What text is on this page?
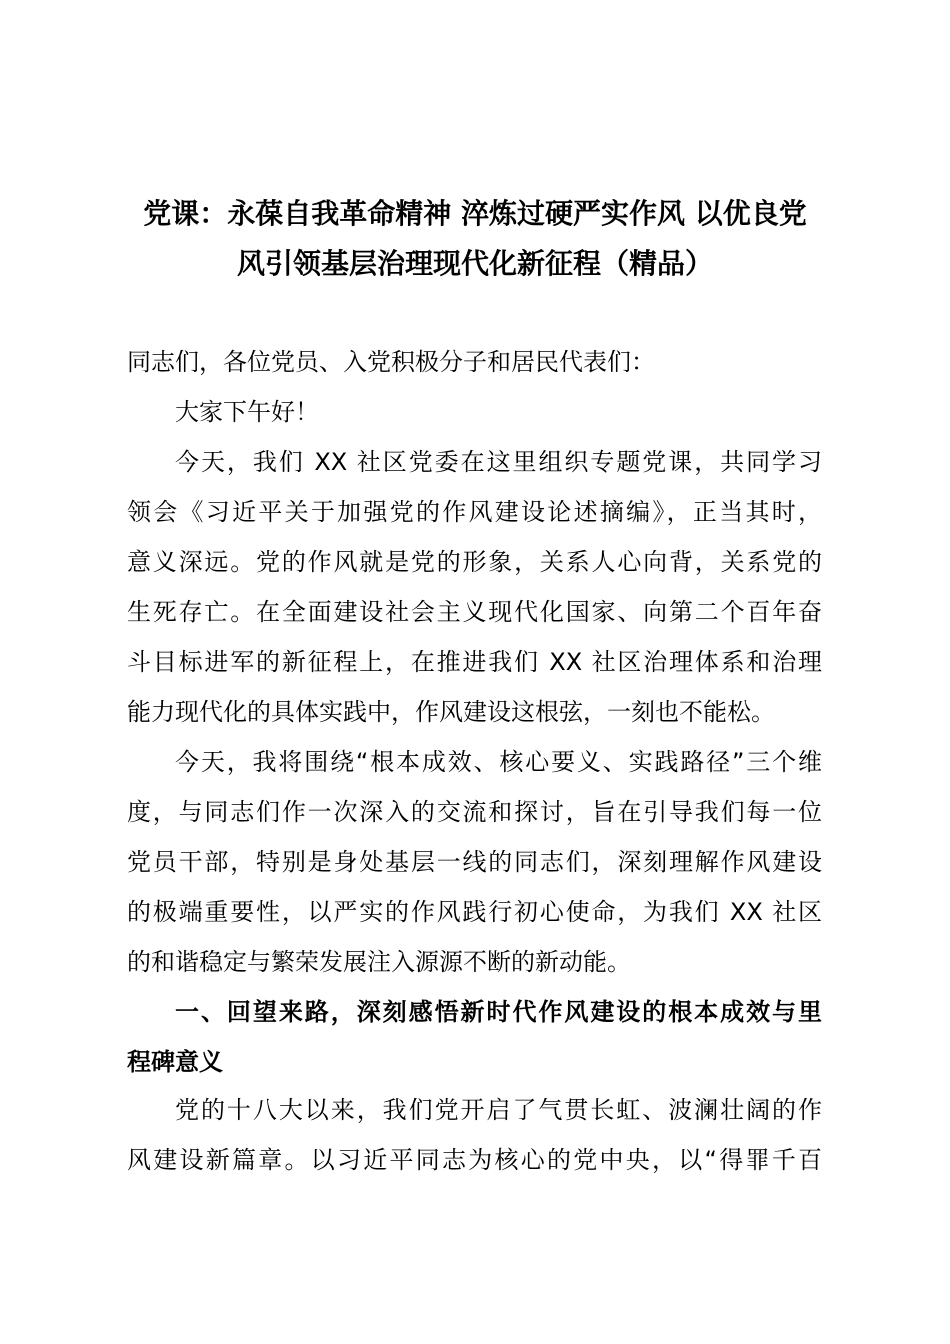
党课：永葆自我革命精神 淬炼过硬严实作风 以优良党
风引领基层治理现代化新征程（精品）
同志们，各位党员、入党积极分子和居民代表们：
大家下午好！
今天，我们 XX 社区党委在这里组织专题党课，共同学习
领会《习近平关于加强党的作风建设论述摘编》，正当其时，
意义深远。党的作风就是党的形象，关系人心向背，关系党的
生死存亡。在全面建设社会主义现代化国家、向第二个百年奋
斗目标进军的新征程上，在推进我们 XX 社区治理体系和治理
能力现代化的具体实践中，作风建设这根弦，一刻也不能松。
今天，我将围绕“根本成效、核心要义、实践路径”三个维
度，与同志们作一次深入的交流和探讨，旨在引导我们每一位
党员干部，特别是身处基层一线的同志们，深刻理解作风建设
的极端重要性，以严实的作风践行初心使命，为我们 XX 社区
的和谐稳定与繁荣发展注入源源不断的新动能。
一、回望来路，深刻感悟新时代作风建设的根本成效与里
程碑意义
党的十八大以来，我们党开启了气贯长虹、波澜壮阔的作
风建设新篇章。以习近平同志为核心的党中央，以“得罪千百
